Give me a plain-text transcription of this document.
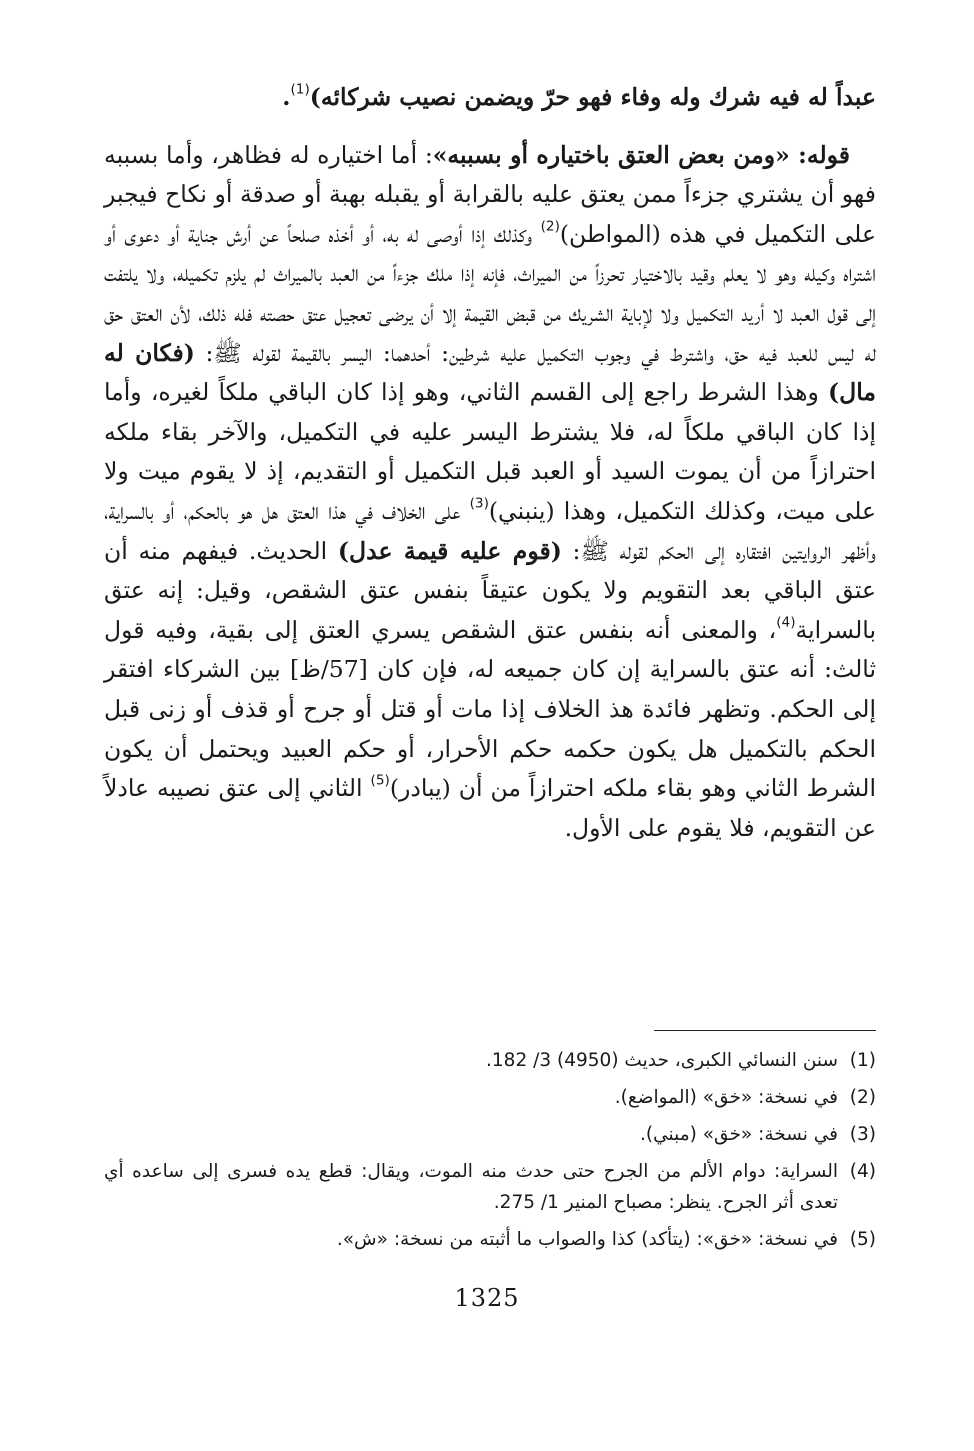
عبداً له فيه شرك وله وفاء فهو حرّ ويضمن نصيب شركائه)$^{(1)}$.

قوله: «ومن بعض العتق باختياره أو بسببه»: أما اختياره له فظاهر، وأما بسببه فهو أن يشتري جزءاً ممن يعتق عليه بالقرابة أو يقبله بهبة أو صدقة أو نكاح فيجبر على التكميل في هذه (المواطن)$^{(2)}$ وكذلك إذا أوصى له به، أو أخذه صلحاً عن أرش جناية أو دعوى أو اشتراه وكيله وهو لا يعلم وقيد بالاختيار تحرزاً من الميراث، فإنه إذا ملك جزءاً من العبد بالميراث لم يلزم تكميله، ولا يلتفت إلى قول العبد لا أريد التكميل ولا لإباية الشريك من قبض القيمة إلا أن يرضى تعجيل عتق حصته فله ذلك، لأن العتق حق له ليس للعبد فيه حق، واشترط في وجوب التكميل عليه شرطين: أحدهما: اليسر بالقيمة لقوله ﷺ: (فكان له مال) وهذا الشرط راجع إلى القسم الثاني، وهو إذا كان الباقي ملكاً لغيره، وأما إذا كان الباقي ملكاً له، فلا يشترط اليسر عليه في التكميل، والآخر بقاء ملكه احترازاً من أن يموت السيد أو العبد قبل التكميل أو التقديم، إذ لا يقوم ميت ولا على ميت، وكذلك التكميل، وهذا (ينبني)$^{(3)}$ على الخلاف في هذا العتق هل هو بالحكم، أو بالسراية، وأظهر الروايتين افتقاره إلى الحكم لقوله ﷺ: (قوم عليه قيمة عدل) الحديث. فيفهم منه أن عتق الباقي بعد التقويم ولا يكون عتيقاً بنفس عتق الشقص، وقيل: إنه عتق بالسراية$^{(4)}$، والمعنى أنه بنفس عتق الشقص يسري العتق إلى بقية، وفيه قول ثالث: أنه عتق بالسراية إن كان جميعه له، فإن كان [57/ظ] بين الشركاء افتقر إلى الحكم. وتظهر فائدة هذ الخلاف إذا مات أو قتل أو جرح أو قذف أو زنى قبل الحكم بالتكميل هل يكون حكمه حكم الأحرار، أو حكم العبيد ويحتمل أن يكون الشرط الثاني وهو بقاء ملكه احترازاً من أن (يبادر)$^{(5)}$ الثاني إلى عتق نصيبه عادلاً عن التقويم، فلا يقوم على الأول.

(1)
سنن النسائي الكبرى، حديث (4950) 3/ 182.
(2)
في نسخة: «خق» (المواضع).
(3)
في نسخة: «خق» (مبني).
(4)
السراية: دوام الألم من الجرح حتى حدث منه الموت، ويقال: قطع يده فسرى إلى ساعده أي تعدى أثر الجرح. ينظر: مصباح المنير 1/ 275.
(5)
في نسخة: «خق»: (يتأكد) كذا والصواب ما أثبته من نسخة: «ش».
1325
